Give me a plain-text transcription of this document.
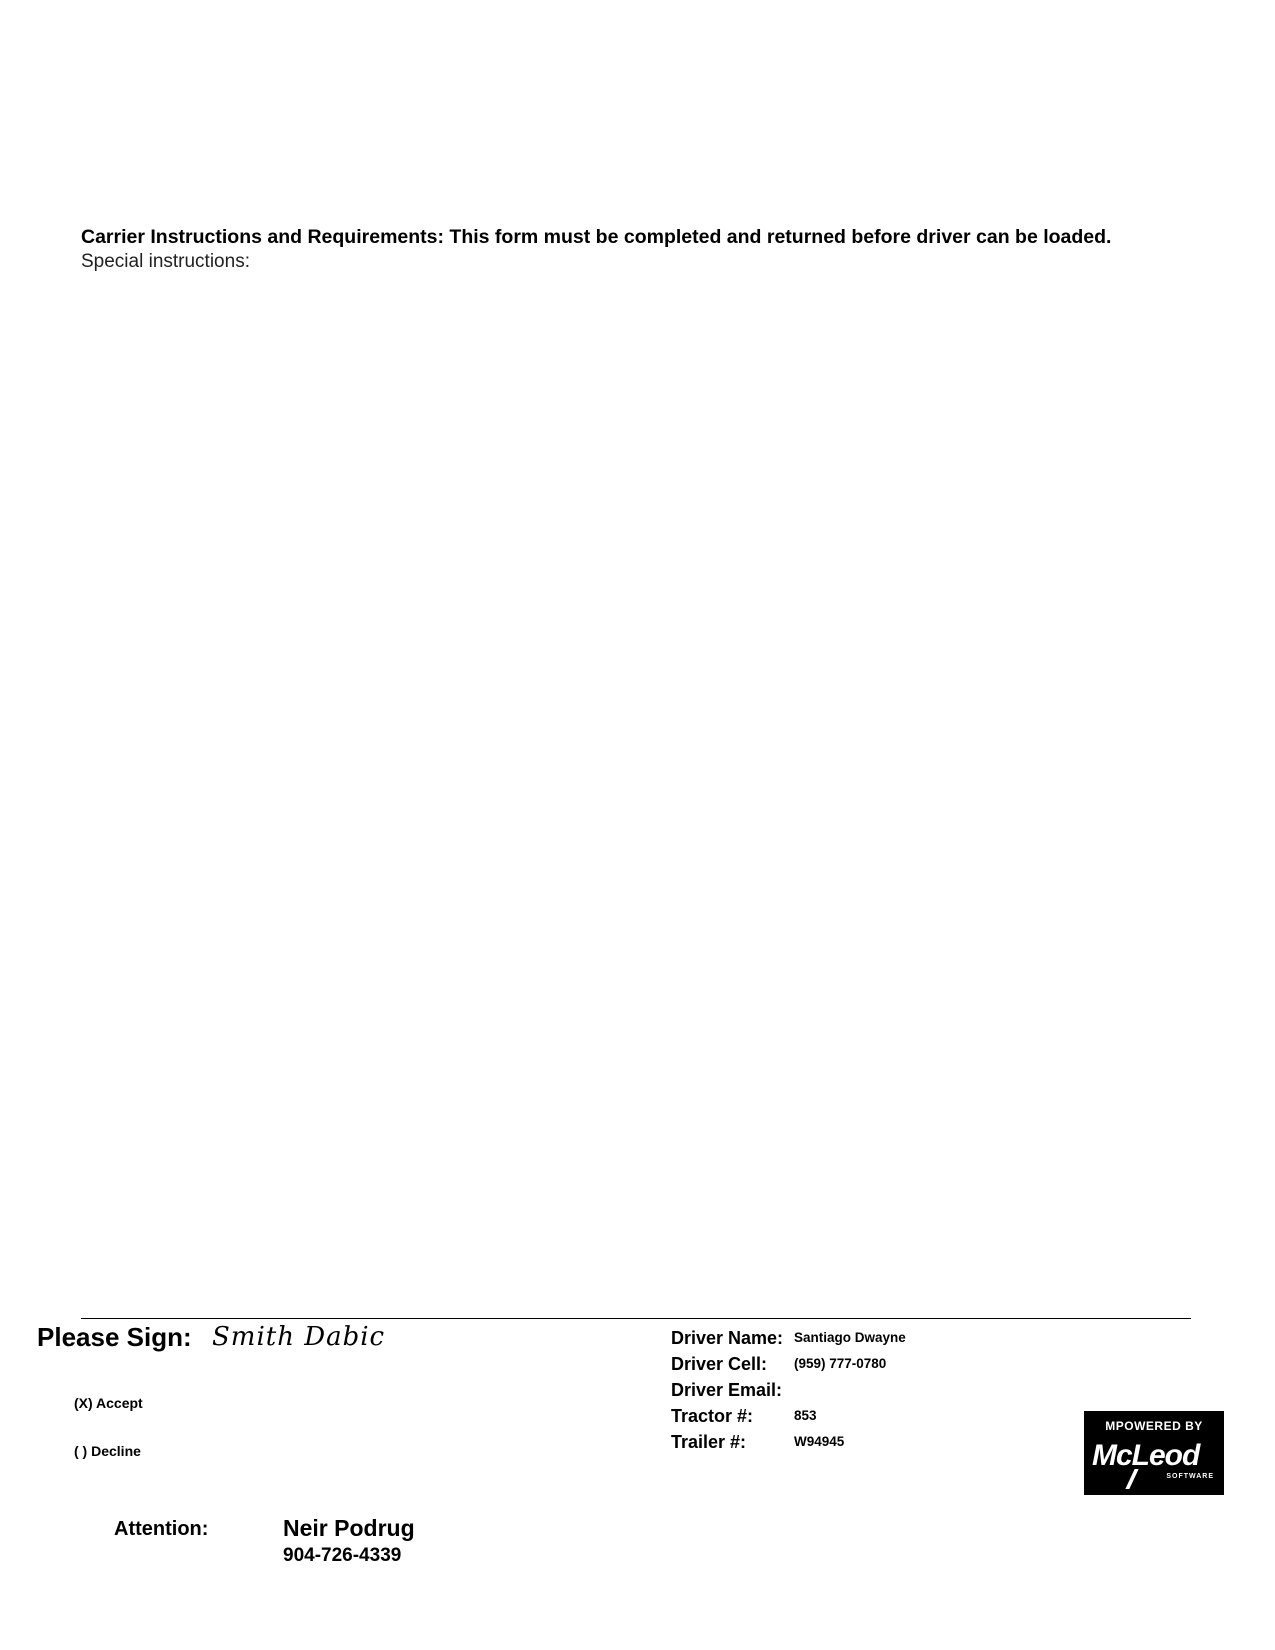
Carrier Instructions and Requirements: This form must be completed and returned before driver can be loaded.
Special instructions:
Please Sign: Smith Dabic
(X) Accept
( ) Decline
Driver Name: Santiago Dwayne
Driver Cell: (959) 777-0780
Driver Email:
Tractor #:	853
Trailer #:	W94945
MPOWERED BY
McLeod
SOFTWARE
Attention:	Neir Podrug
904-726-4339
